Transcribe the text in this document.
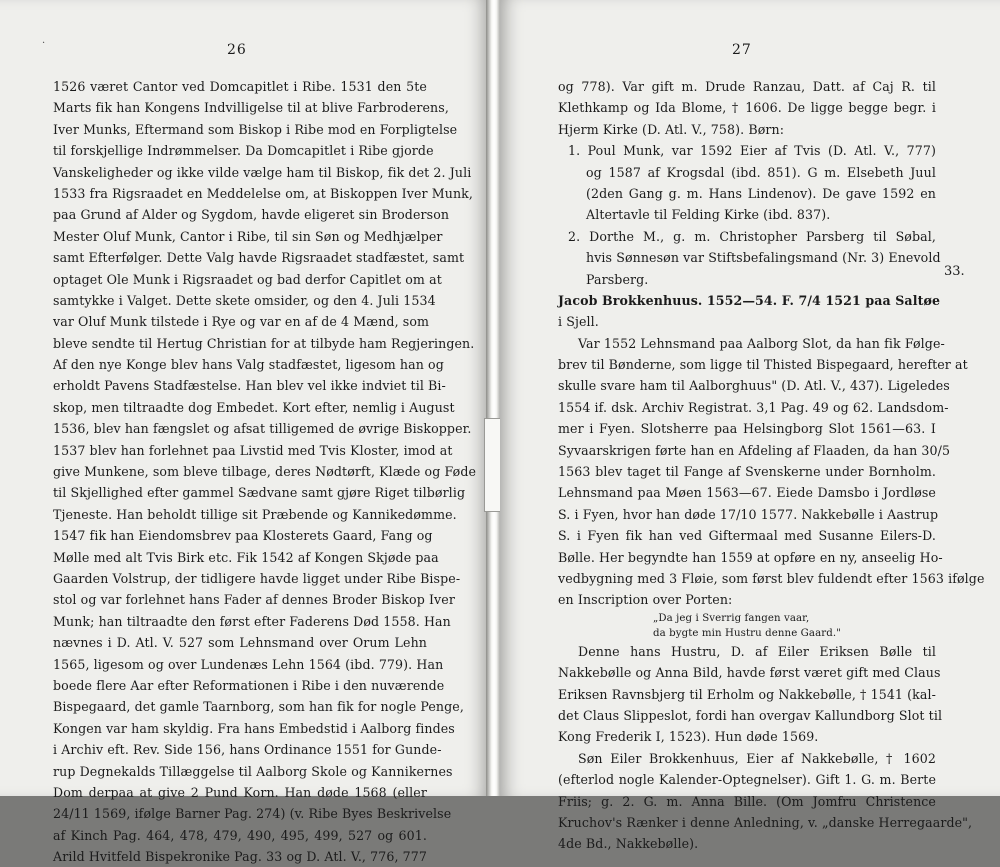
·	26
1526 været Cantor ved Domcapitlet i Ribe. 1531 den 5te
Marts fik han Kongens Indvilligelse til at blive Farbroderens,
Iver Munks, Eftermand som Biskop i Ribe mod en Forpligtelse
til forskjellige Indrømmelser. Da Domcapitlet i Ribe gjorde
Vanskeligheder og ikke vilde vælge ham til Biskop, fik det 2. Juli
1533 fra Rigsraadet en Meddelelse om, at Biskoppen Iver Munk,
paa Grund af Alder og Sygdom, havde eligeret sin Broderson
Mester Oluf Munk, Cantor i Ribe, til sin Søn og Medhjælper
samt Efterfølger. Dette Valg havde Rigsraadet stadfæstet, samt
optaget Ole Munk i Rigsraadet og bad derfor Capitlet om at
samtykke i Valget. Dette skete omsider, og den 4. Juli 1534
var Oluf Munk tilstede i Rye og var en af de 4 Mænd, som
bleve sendte til Hertug Christian for at tilbyde ham Regjeringen.
Af den nye Konge blev hans Valg stadfæstet, ligesom han og
erholdt Pavens Stadfæstelse. Han blev vel ikke indviet til Bi-
skop, men tiltraadte dog Embedet. Kort efter, nemlig i August
1536, blev han fængslet og afsat tilligemed de øvrige Biskopper.
1537 blev han forlehnet paa Livstid med Tvis Kloster, imod at
give Munkene, som bleve tilbage, deres Nødtørft, Klæde og Føde
til Skjellighed efter gammel Sædvane samt gjøre Riget tilbørlig
Tjeneste. Han beholdt tillige sit Præbende og Kannikedømme.
1547 fik han Eiendomsbrev paa Klosterets Gaard, Fang og
Mølle med alt Tvis Birk etc. Fik 1542 af Kongen Skjøde paa
Gaarden Volstrup, der tidligere havde ligget under Ribe Bispe-
stol og var forlehnet hans Fader af dennes Broder Biskop Iver
Munk; han tiltraadte den først efter Faderens Død 1558. Han
nævnes i D. Atl. V. 527 som Lehnsmand over Orum Lehn
1565, ligesom og over Lundenæs Lehn 1564 (ibd. 779). Han
boede flere Aar efter Reformationen i Ribe i den nuværende
Bispegaard, det gamle Taarnborg, som han fik for nogle Penge,
Kongen var ham skyldig. Fra hans Embedstid i Aalborg findes
i Archiv eft. Rev. Side 156, hans Ordinance 1551 for Gunde-
rup Degnekalds Tillæggelse til Aalborg Skole og Kannikernes
Dom derpaa at give 2 Pund Korn. Han døde 1568 (eller
24/11 1569, ifølge Barner Pag. 274) (v. Ribe Byes Beskrivelse
af Kinch Pag. 464, 478, 479, 490, 495, 499, 527 og 601.
Arild Hvitfeld Bispekronike Pag. 33 og D. Atl. V., 776, 777
27
og 778). Var gift m. Drude Ranzau, Datt. af Caj R. til
Klethkamp og Ida Blome, † 1606. De ligge begge begr. i
Hjerm Kirke (D. Atl. V., 758). Børn:
1. Poul Munk, var 1592 Eier af Tvis (D. Atl. V., 777)
og 1587 af Krogsdal (ibd. 851). G m. Elsebeth Juul
(2den Gang g. m. Hans Lindenov). De gave 1592 en
Altertavle til Felding Kirke (ibd. 837).
2. Dorthe M., g. m. Christopher Parsberg til Søbal,
hvis Sønnesøn var Stiftsbefalingsmand (Nr. 3) Enevold
Parsberg.
Jacob Brokkenhuus. 1552—54. F. 7/4 1521 paa Saltøe
i Sjell.
Var 1552 Lehnsmand paa Aalborg Slot, da han fik Følge-
brev til Bønderne, som ligge til Thisted Bispegaard, herefter at
skulle svare ham til Aalborghuus" (D. Atl. V., 437). Ligeledes
1554 if. dsk. Archiv Registrat. 3,1 Pag. 49 og 62. Landsdom-
mer i Fyen. Slotsherre paa Helsingborg Slot 1561—63. I
Syvaarskrigen førte han en Afdeling af Flaaden, da han 30/5
1563 blev taget til Fange af Svenskerne under Bornholm.
Lehnsmand paa Møen 1563—67. Eiede Damsbo i Jordløse
S. i Fyen, hvor han døde 17/10 1577. Nakkebølle i Aastrup
S. i Fyen fik han ved Giftermaal med Susanne Eilers-D.
Bølle. Her begyndte han 1559 at opføre en ny, anseelig Ho-
vedbygning med 3 Fløie, som først blev fuldendt efter 1563 ifølge
en Inscription over Porten:
„Da jeg i Sverrig fangen vaar,
da bygte min Hustru denne Gaard."
Denne hans Hustru, D. af Eiler Eriksen Bølle til
Nakkebølle og Anna Bild, havde først været gift med Claus
Eriksen Ravnsbjerg til Erholm og Nakkebølle, † 1541 (kal-
det Claus Slippeslot, fordi han overgav Kallundborg Slot til
Kong Frederik I, 1523). Hun døde 1569.
Søn Eiler Brokkenhuus, Eier af Nakkebølle, † 1602
(efterlod nogle Kalender-Optegnelser). Gift 1. G. m. Berte
Friis; g. 2. G. m. Anna Bille. (Om Jomfru Christence
Kruchov's Rænker i denne Anledning, v. „danske Herregaarde",
4de Bd., Nakkebølle).
33.
